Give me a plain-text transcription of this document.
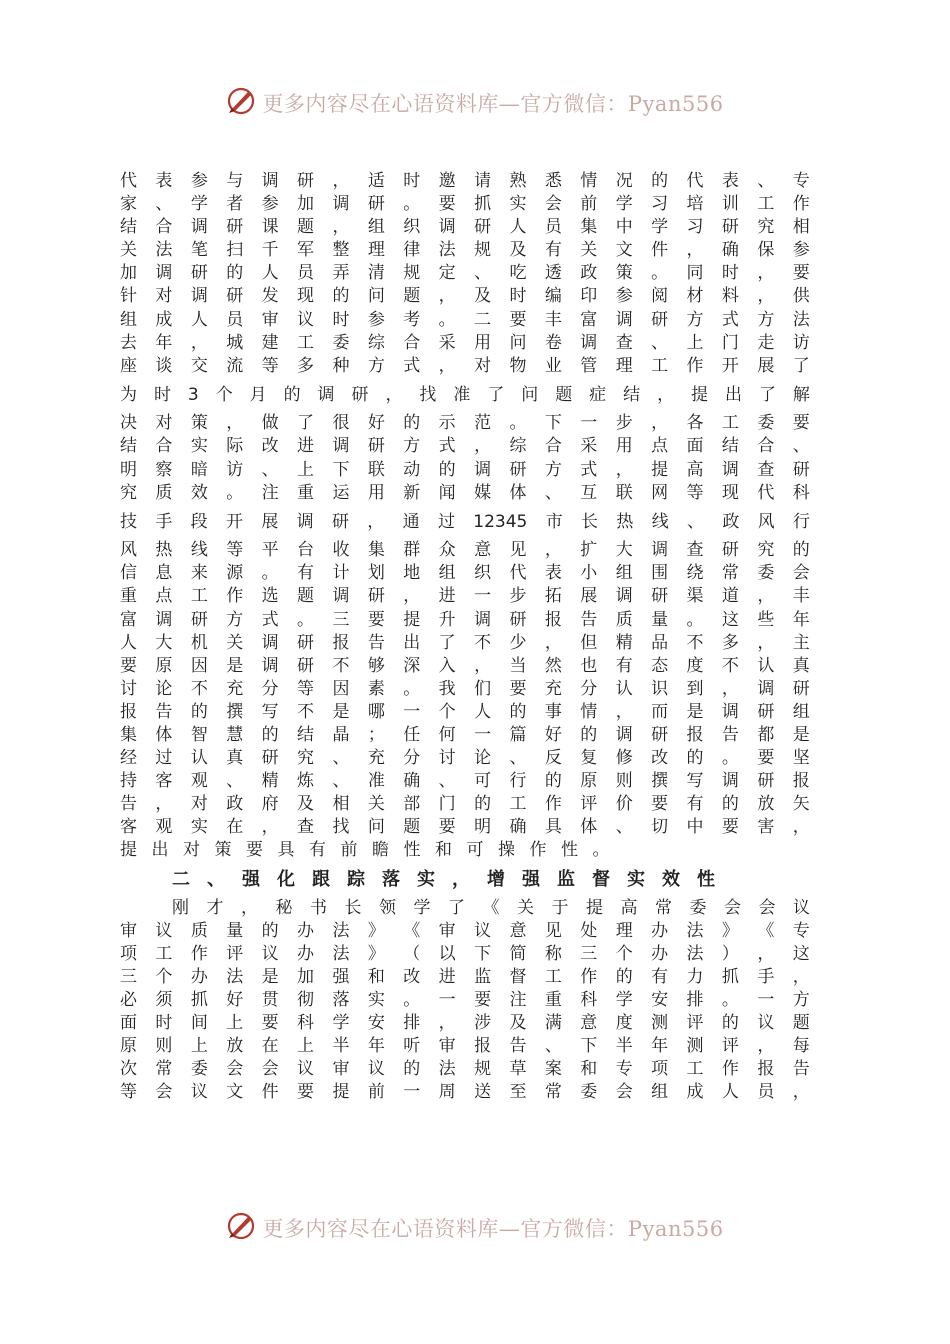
更多内容尽在心语资料库—官方微信：Pyan556
代 表 参 与 调 研 ， 适 时 邀 请 熟 悉 情 况 的 代 表 、 专
家 、 学 者 参 加 调 研 。 要 抓 实 会 前 学 习 培 训 工 作
结 合 调 研 课 题 ， 组 织 调 研 人 员 集 中 学 习 研 究 相
关 法 笔 扫 千 军 整 理 律 法 规 及 有 关 文 件 ， 确 保 参
加 调 研 的 人 员 弄 清 规 定 、 吃 透 政 策 。 同 时 ， 要
针 对 调 研 发 现 的 问 题 ， 及 时 编 印 参 阅 材 料 ， 供
组 成 人 员 审 议 时 参 考 。 二 要 丰 富 调 研 方 式 方 法
去 年 ， 城 建 工 委 综 合 采 用 问 卷 调 查 、 上 门 走 访
座 谈 交 流 等 多 种 方 式 ， 对 物 业 管 理 工 作 开 展 了
为 时 3 个 月 的 调 研 ， 找 准 了 问 题 症 结 ， 提 出 了 解
决 对 策 ， 做 了 很 好 的 示 范 。 下 一 步 ， 各 工 委 要
结 合 实 际 改 进 调 研 方 式 ， 综 合 采 用 点 面 结 合 、
明 察 暗 访 、 上 下 联 动 的 调 研 方 式 ， 提 高 调 查 研
究 质 效 。 注 重 运 用 新 闻 媒 体 、 互 联 网 等 现 代 科
技 手 段 开 展 调 研 ， 通 过 12345 市 长 热 线 、 政 风 行
风 热 线 等 平 台 收 集 群 众 意 见 ， 扩 大 调 查 研 究 的
信 息 来 源 。 有 计 划 地 组 织 代 表 小 组 围 绕 常 委 会
重 点 工 作 选 题 调 研 ， 进 一 步 拓 展 调 研 渠 道 ， 丰
富 调 研 方 式 。 三 要 提 升 调 研 报 告 质 量 。 这 些 年
人 大 机 关 调 研 报 告 出 了 不 少 ， 但 精 品 不 多 ， 主
要 原 因 是 调 研 不 够 深 入 ， 当 然 也 有 态 度 不 认 真
讨 论 不 充 分 等 因 素 。 我 们 要 充 分 认 识 到 ， 调 研
报 告 的 撰 写 不 是 哪 一 个 人 的 事 情 ， 而 是 调 研 组
集 体 智 慧 的 结 晶 ； 任 何 一 篇 好 的 调 研 报 告 都 是
经 过 认 真 研 究 、 充 分 讨 论 、 反 复 修 改 的 。 要 坚
持 客 观 、 精 炼 、 准 确 、 可 行 的 原 则 撰 写 调 研 报
告 ， 对 政 府 及 相 关 部 门 的 工 作 评 价 要 有 的 放 矢
客 观 实 在 ， 查 找 问 题 要 明 确 具 体 、 切 中 要 害 ，
提 出 对 策 要 具 有 前 瞻 性 和 可 操 作 性 。
二 、 强 化 跟 踪 落 实 ， 增 强 监 督 实 效 性
刚 才 ， 秘 书 长 领 学 了 《 关 于 提 高 常 委 会 会 议
审 议 质 量 的 办 法 》 《 审 议 意 见 处 理 办 法 》 《 专
项 工 作 评 议 办 法 》 （ 以 下 简 称 三 个 办 法 ） ， 这
三 个 办 法 是 加 强 和 改 进 监 督 工 作 的 有 力 抓 手 ，
必 须 抓 好 贯 彻 落 实 。 一 要 注 重 科 学 安 排 。 一 方
面 时 间 上 要 科 学 安 排 ， 涉 及 满 意 度 测 评 的 议 题
原 则 上 放 在 上 半 年 听 审 报 告 、 下 半 年 测 评 ， 每
次 常 委 会 会 议 审 议 的 法 规 草 案 和 专 项 工 作 报 告
等 会 议 文 件 要 提 前 一 周 送 至 常 委 会 组 成 人 员 ，
更多内容尽在心语资料库—官方微信：Pyan556
